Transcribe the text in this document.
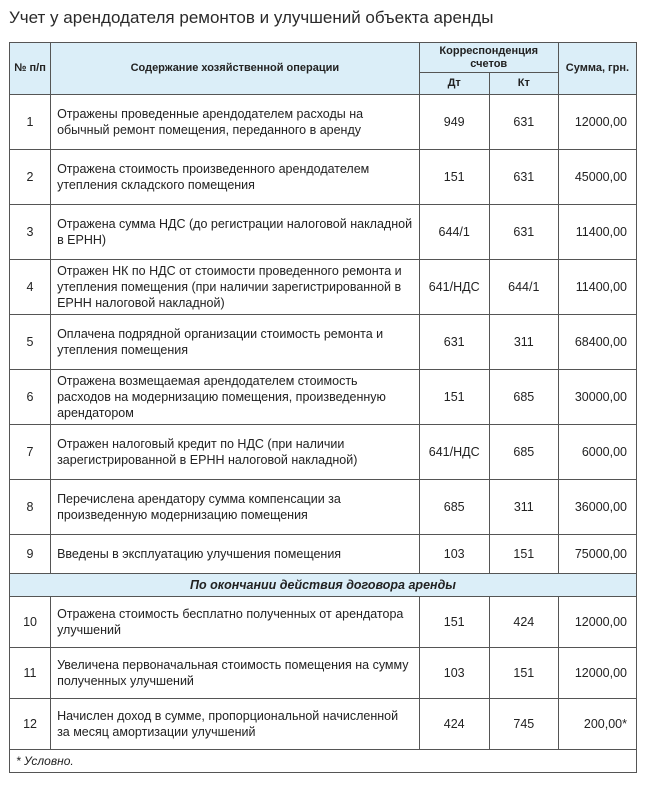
Учет у арендодателя ремонтов и улучшений объекта аренды
№ п/п	Содержание хозяйственной операции	Корреспонденция счетов		Сумма, грн.
		Дт	Кт	
1	Отражены проведенные арендодателем расходы на обычный ремонт помещения, переданного в аренду	949	631	12000,00
2	Отражена стоимость произведенного арендодателем утепления складского помещения	151	631	45000,00
3	Отражена сумма НДС (до регистрации налоговой накладной в ЕРНН)	644/1	631	11400,00
4	Отражен НК по НДС от стоимости проведенного ремонта и утепления помещения (при наличии зарегистрированной в ЕРНН налоговой накладной)	641/НДС	644/1	11400,00
5	Оплачена подрядной организации стоимость ремонта и утепления помещения	631	311	68400,00
6	Отражена возмещаемая арендодателем стоимость расходов на модернизацию помещения, произведенную арендатором	151	685	30000,00
7	Отражен налоговый кредит по НДС (при наличии зарегистрированной в ЕРНН налоговой накладной)	641/НДС	685	6000,00
8	Перечислена арендатору сумма компенсации за произведенную модернизацию помещения	685	311	36000,00
9	Введены в эксплуатацию улучшения помещения	103	151	75000,00
По окончании действия договора аренды				
10	Отражена стоимость бесплатно полученных от арендатора улучшений	151	424	12000,00
11	Увеличена первоначальная стоимость помещения на сумму полученных улучшений	103	151	12000,00
12	Начислен доход в сумме, пропорциональной начисленной за месяц амортизации улучшений	424	745	200,00*
* Условно.				
